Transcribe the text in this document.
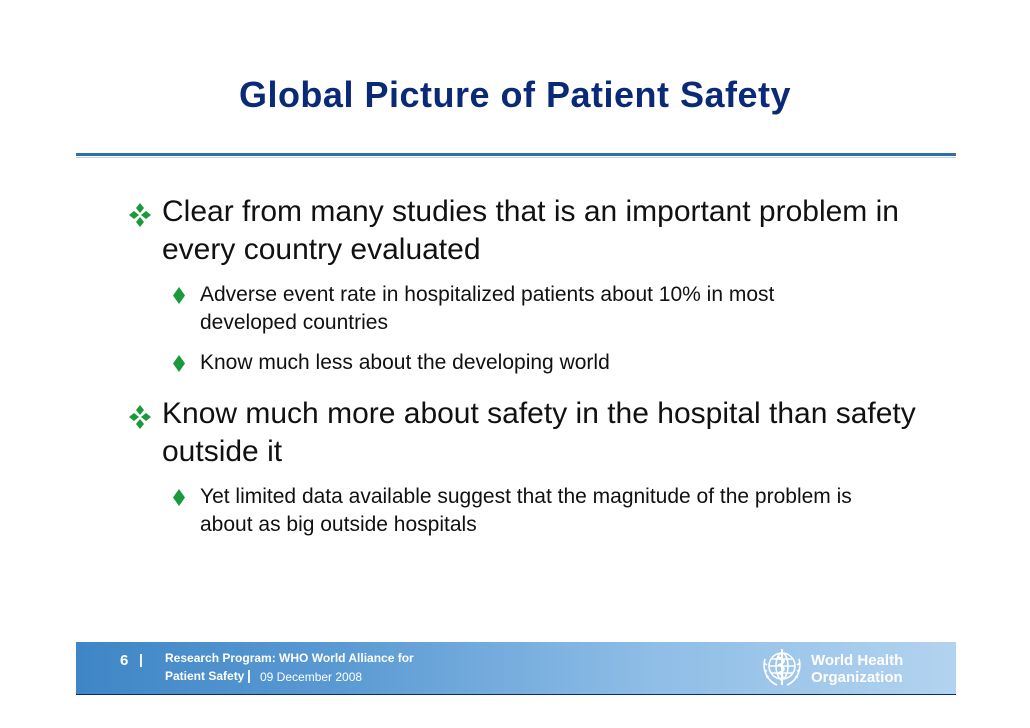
Global Picture of Patient Safety
Clear from many studies that is an important problem in every country evaluated
Adverse event rate in hospitalized patients about 10% in most developed countries
Know much less about the developing world
Know much more about safety in the hospital than safety outside it
Yet limited data available suggest that the magnitude of the problem is about as big outside hospitals
6 | Research Program: WHO World Alliance for
Patient Safety | 09 December 2008
World Health
Organization
